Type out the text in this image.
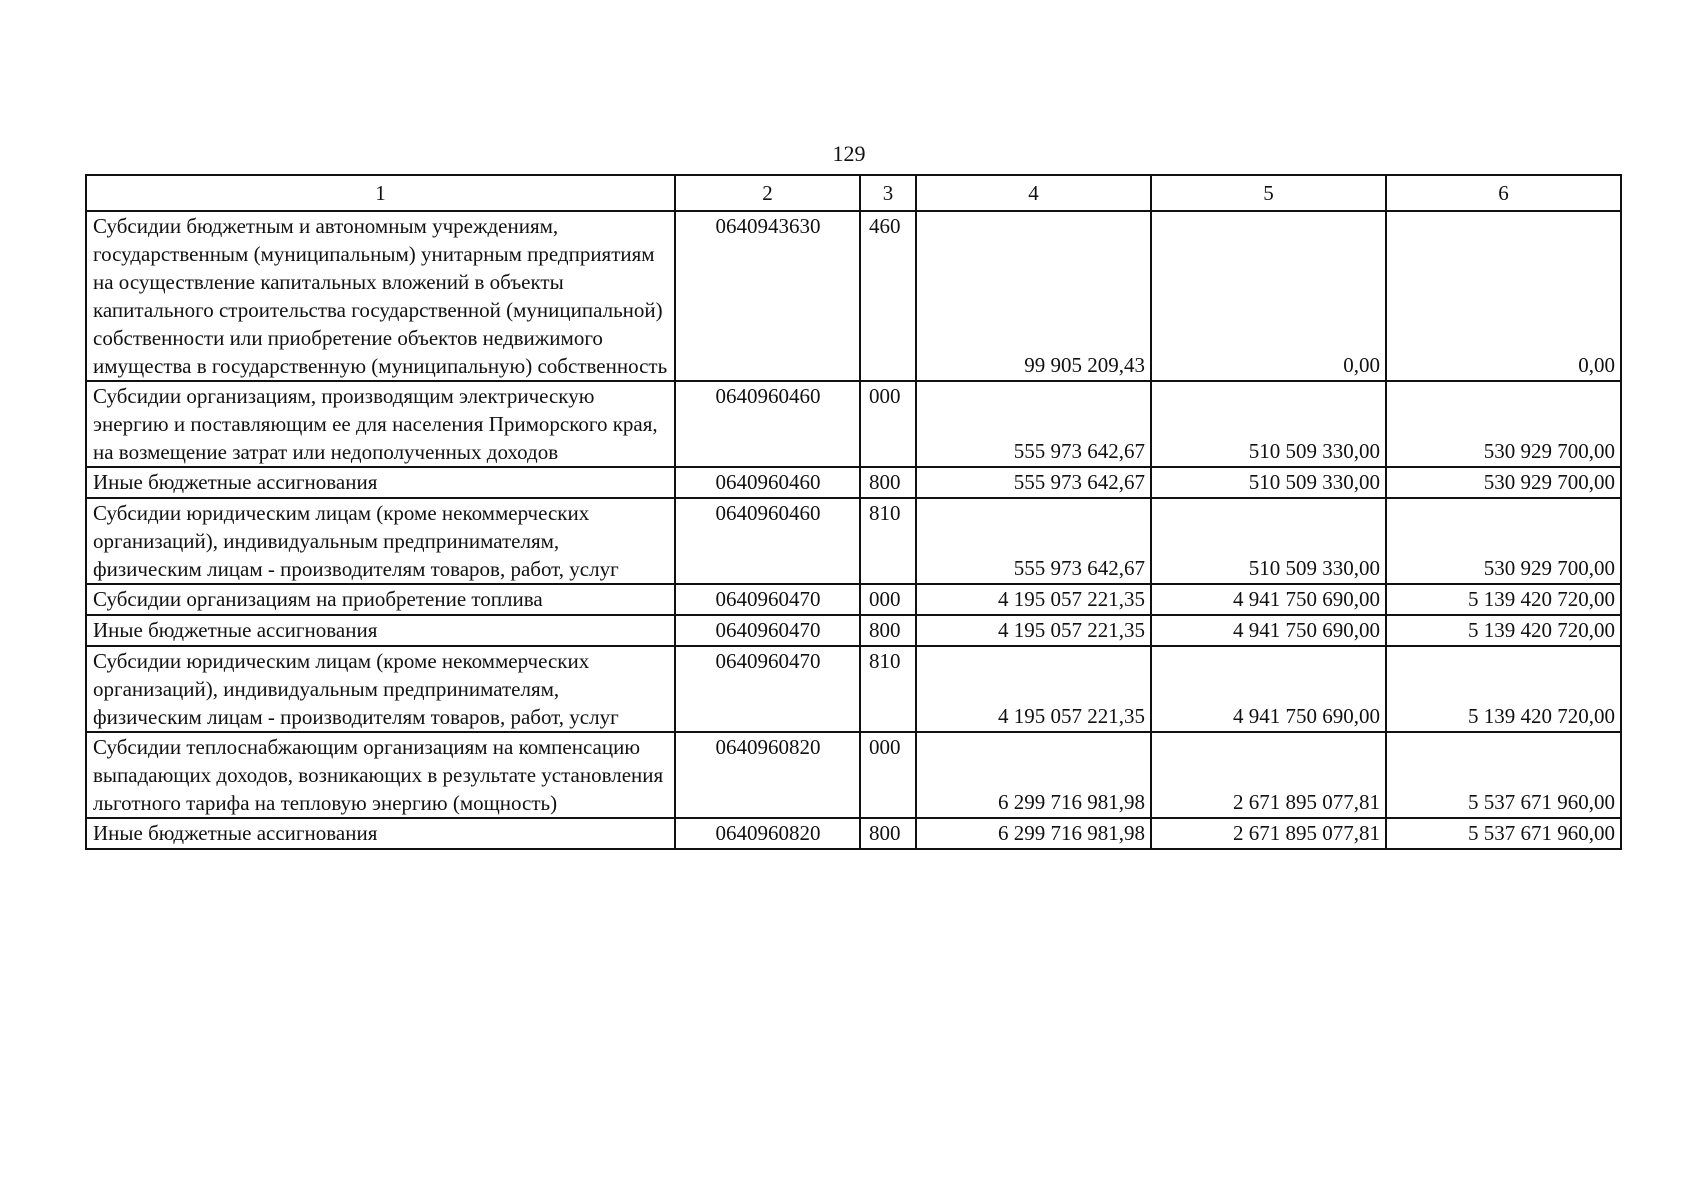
129
1	2	3	4	5	6
Субсидии бюджетным и автономным учреждениям, государственным (муниципальным) унитарным предприятиям на осуществление капитальных вложений в объекты капитального строительства государственной (муниципальной) собственности или приобретение объектов недвижимого имущества в государственную (муниципальную) собственность	0640943630	460	99 905 209,43	0,00	0,00
Субсидии организациям, производящим электрическую энергию и поставляющим ее для населения Приморского края, на возмещение затрат или недополученных доходов	0640960460	000	555 973 642,67	510 509 330,00	530 929 700,00
Иные бюджетные ассигнования	0640960460	800	555 973 642,67	510 509 330,00	530 929 700,00
Субсидии юридическим лицам (кроме некоммерческих организаций), индивидуальным предпринимателям, физическим лицам - производителям товаров, работ, услуг	0640960460	810	555 973 642,67	510 509 330,00	530 929 700,00
Субсидии организациям на приобретение топлива	0640960470	000	4 195 057 221,35	4 941 750 690,00	5 139 420 720,00
Иные бюджетные ассигнования	0640960470	800	4 195 057 221,35	4 941 750 690,00	5 139 420 720,00
Субсидии юридическим лицам (кроме некоммерческих организаций), индивидуальным предпринимателям, физическим лицам - производителям товаров, работ, услуг	0640960470	810	4 195 057 221,35	4 941 750 690,00	5 139 420 720,00
Субсидии теплоснабжающим организациям на компенсацию выпадающих доходов, возникающих в результате установления льготного тарифа на тепловую энергию (мощность)	0640960820	000	6 299 716 981,98	2 671 895 077,81	5 537 671 960,00
Иные бюджетные ассигнования	0640960820	800	6 299 716 981,98	2 671 895 077,81	5 537 671 960,00
